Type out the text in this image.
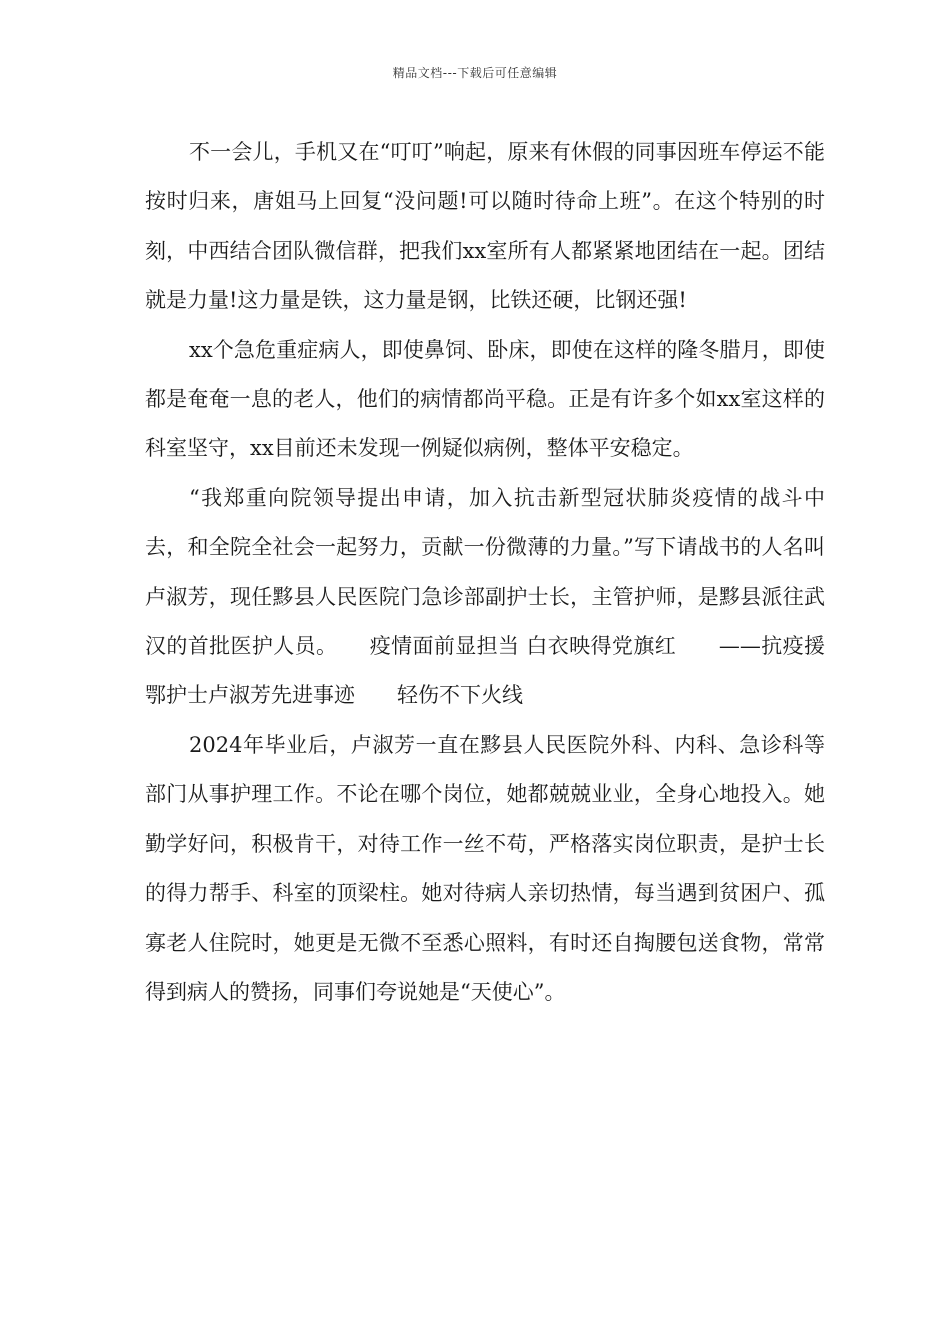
精品文档---下载后可任意编辑

不一会儿，手机又在“叮叮”响起，原来有休假的同事因班车停运不能按时归来，唐姐马上回复“没问题!可以随时待命上班”。在这个特别的时刻，中西结合团队微信群，把我们xx室所有人都紧紧地团结在一起。团结就是力量!这力量是铁，这力量是钢，比铁还硬，比钢还强!

xx个急危重症病人，即使鼻饲、卧床，即使在这样的隆冬腊月，即使都是奄奄一息的老人，他们的病情都尚平稳。正是有许多个如xx室这样的科室坚守，xx目前还未发现一例疑似病例，整体平安稳定。

“我郑重向院领导提出申请，加入抗击新型冠状肺炎疫情的战斗中去，和全院全社会一起努力，贡献一份微薄的力量。”写下请战书的人名叫卢淑芳，现任黟县人民医院门急诊部副护士长，主管护师，是黟县派往武汉的首批医护人员。　　疫情面前显担当 白衣映得党旗红　　——抗疫援鄂护士卢淑芳先进事迹　　轻伤不下火线

2024年毕业后，卢淑芳一直在黟县人民医院外科、内科、急诊科等部门从事护理工作。不论在哪个岗位，她都兢兢业业，全身心地投入。她勤学好问，积极肯干，对待工作一丝不苟，严格落实岗位职责，是护士长的得力帮手、科室的顶梁柱。她对待病人亲切热情，每当遇到贫困户、孤寡老人住院时，她更是无微不至悉心照料，有时还自掏腰包送食物，常常得到病人的赞扬，同事们夸说她是“天使心”。
